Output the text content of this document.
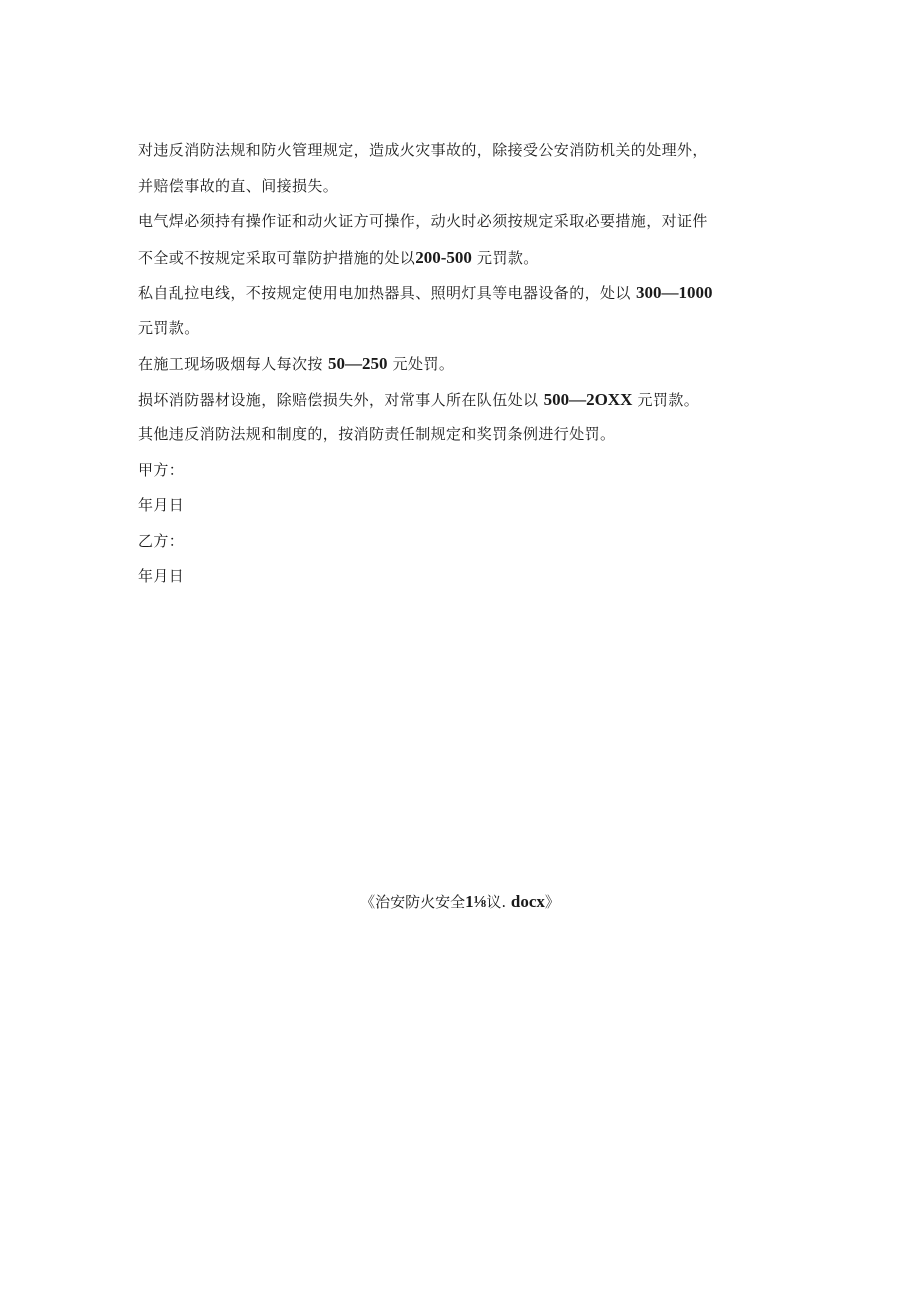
对违反消防法规和防火管理规定，造成火灾事故的，除接受公安消防机关的处理外，
并赔偿事故的直、间接损失。
电气焊必须持有操作证和动火证方可操作，动火时必须按规定采取必要措施，对证件
不全或不按规定采取可靠防护措施的处以200-500 元罚款。
私自乱拉电线，不按规定使用电加热器具、照明灯具等电器设备的，处以 300—1000
元罚款。
在施工现场吸烟每人每次按 50—250 元处罚。
损坏消防器材设施，除赔偿损失外，对常事人所在队伍处以 500—2OXX 元罚款。
其他违反消防法规和制度的，按消防责任制规定和奖罚条例进行处罚。
甲方：
年月日
乙方：
年月日
《治安防火安全1⅛议. docx》
